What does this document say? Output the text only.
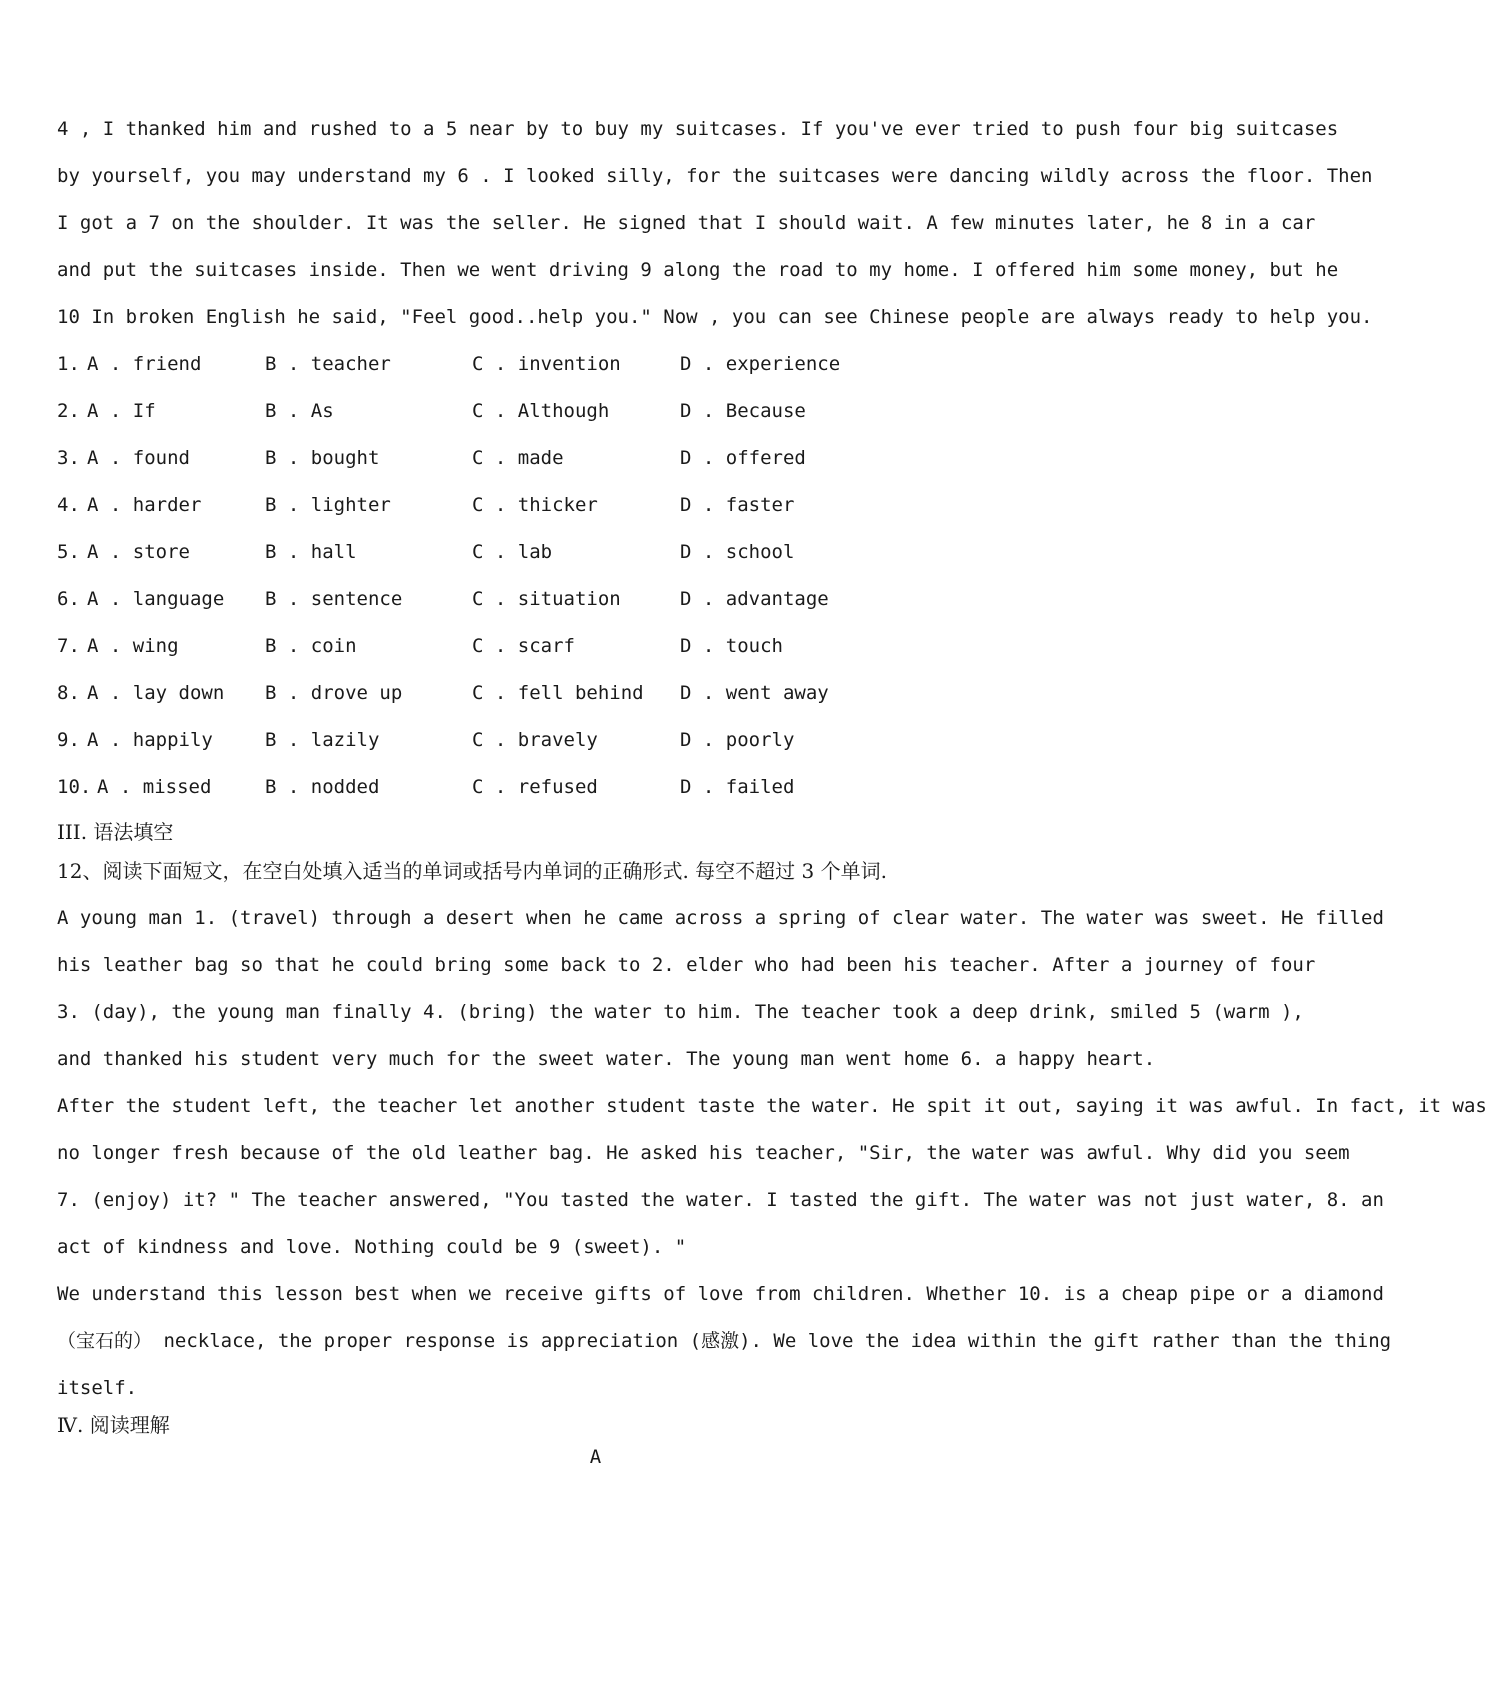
4 , I thanked him and rushed to a 5 near by to buy my suitcases. If you've ever tried to push four big suitcases
by yourself, you may understand my 6 . I looked silly, for the suitcases were dancing wildly across the floor. Then
I got a 7 on the shoulder. It was the seller. He signed that I should wait. A few minutes later, he 8 in a car
and put the suitcases inside. Then we went driving 9 along the road to my home. I offered him some money, but he
10 In broken English he said, "Feel good..help you." Now , you can see Chinese people are always ready to help you.
1. A . friend	B . teacher	C . invention	D . experience
2. A . If	B . As	C . Although	D . Because
3. A . found	B . bought	C . made	D . offered
4. A . harder	B . lighter	C . thicker	D . faster
5. A . store	B . hall	C . lab	D . school
6. A . language B . sentence	C . situation	D . advantage
7. A . wing	B . coin	C . scarf	D . touch
8. A . lay down B . drove up	C . fell behind D . went away
9. A . happily	B . lazily	C . bravely	D . poorly
10. A . missed	B . nodded	C . refused	D . failed
III. 语法填空
12、阅读下面短文，在空白处填入适当的单词或括号内单词的正确形式. 每空不超过 3 个单词.
A young man 1. (travel) through a desert when he came across a spring of clear water. The water was sweet. He filled
his leather bag so that he could bring some back to 2. elder who had been his teacher. After a journey of four
3. (day), the young man finally 4. (bring) the water to him. The teacher took a deep drink, smiled 5 (warm ),
and thanked his student very much for the sweet water. The young man went home 6. a happy heart.
After the student left, the teacher let another student taste the water. He spit it out, saying it was awful. In fact, it was
no longer fresh because of the old leather bag. He asked his teacher, "Sir, the water was awful. Why did you seem
7. (enjoy) it? " The teacher answered, "You tasted the water. I tasted the gift. The water was not just water, 8. an
act of kindness and love. Nothing could be 9 (sweet). "
We understand this lesson best when we receive gifts of love from children. Whether 10. is a cheap pipe or a diamond
（宝石的） necklace, the proper response is appreciation (感激). We love the idea within the gift rather than the thing
itself.
Ⅳ. 阅读理解
A
